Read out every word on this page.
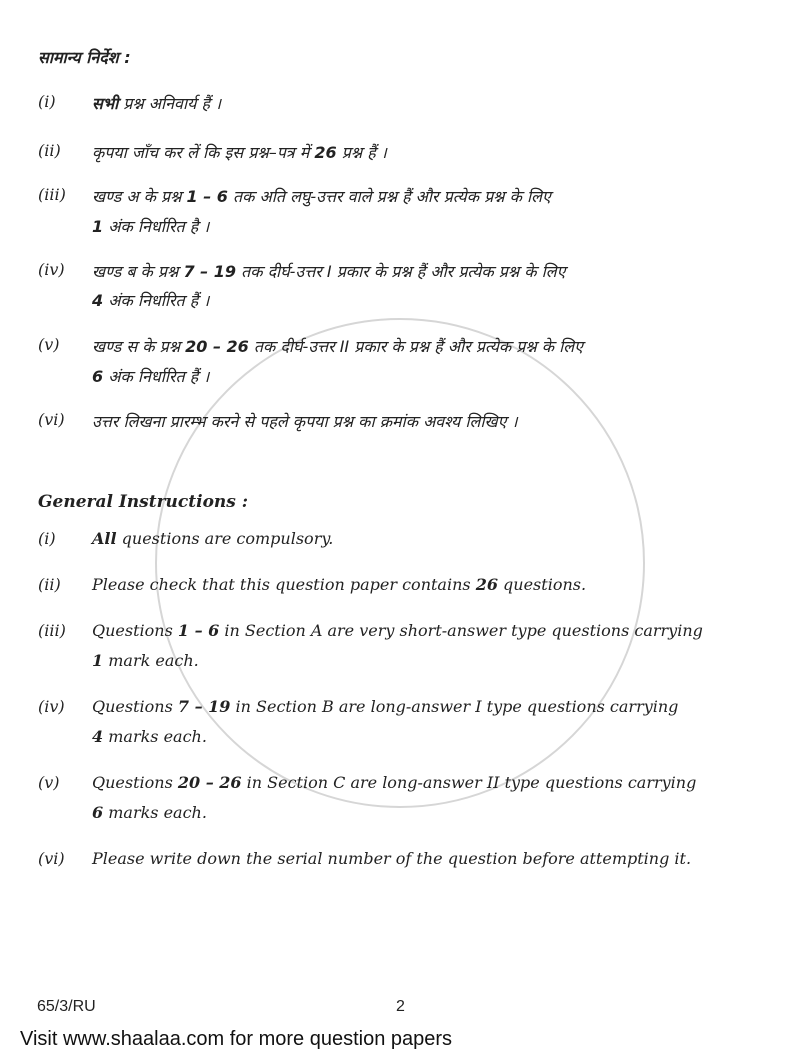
सामान्य निर्देश :
(i) सभी प्रश्न अनिवार्य हैं ।
(ii) कृपया जाँच कर लें कि इस प्रश्न–पत्र में 26 प्रश्न हैं ।
(iii) खण्ड अ के प्रश्न 1 – 6 तक अति लघु-उत्तर वाले प्रश्न हैं और प्रत्येक प्रश्न के लिए
1 अंक निर्धारित है ।
(iv) खण्ड ब के प्रश्न 7 – 19 तक दीर्घ-उत्तर I प्रकार के प्रश्न हैं और प्रत्येक प्रश्न के लिए
4 अंक निर्धारित हैं ।
(v) खण्ड स के प्रश्न 20 – 26 तक दीर्घ-उत्तर II प्रकार के प्रश्न हैं और प्रत्येक प्रश्न के लिए
6 अंक निर्धारित हैं ।
(vi) उत्तर लिखना प्रारम्भ करने से पहले कृपया प्रश्न का क्रमांक अवश्य लिखिए ।
General Instructions :
(i) All questions are compulsory.
(ii) Please check that this question paper contains 26 questions.
(iii) Questions 1 – 6 in Section A are very short-answer type questions carrying
1 mark each.
(iv) Questions 7 – 19 in Section B are long-answer I type questions carrying
4 marks each.
(v) Questions 20 – 26 in Section C are long-answer II type questions carrying
6 marks each.
(vi) Please write down the serial number of the question before attempting it.
65/3/RU	2
Visit www.shaalaa.com for more question papers
